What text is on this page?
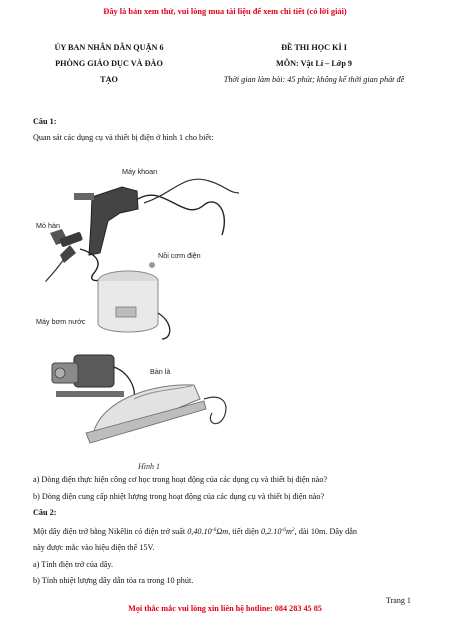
Đây là bản xem thử, vui lòng mua tài liệu để xem chi tiết (có lời giải)
ỦY BAN NHÂN DÂN QUẬN 6
PHÒNG GIÁO DỤC VÀ ĐÀO
TẠO
ĐỀ THI HỌC KÌ I
MÔN: Vật Lí – Lớp 9
Thời gian làm bài: 45 phút; không kể thời gian phát đề
Câu 1:
Quan sát các dụng cụ và thiết bị điện ở hình 1 cho biết:
Máy khoan
Mỏ hàn
Nồi cơm điện
Máy bơm nước
Bàn là
Hình 1
a) Dòng điện thực hiện công cơ học trong hoạt động của các dụng cụ và thiết bị điện nào?
b) Dòng điện cung cấp nhiệt lượng trong hoạt động của các dụng cụ và thiết bị điện nào?
Câu 2:
Một dây điện trở bằng Nikêlin có điện trở suất $0,40.10^{-6}\Omega m$, tiết diện $0,2.10^{-6}m^2$, dài 10m. Dây dẫn
này được mắc vào hiệu điện thế 15V.
a) Tính điện trở của dây.
b) Tính nhiệt lượng dây dẫn tỏa ra trong 10 phút.
Trang 1
Mọi thắc mắc vui lòng xin liên hệ hotline: 084 283 45 85
